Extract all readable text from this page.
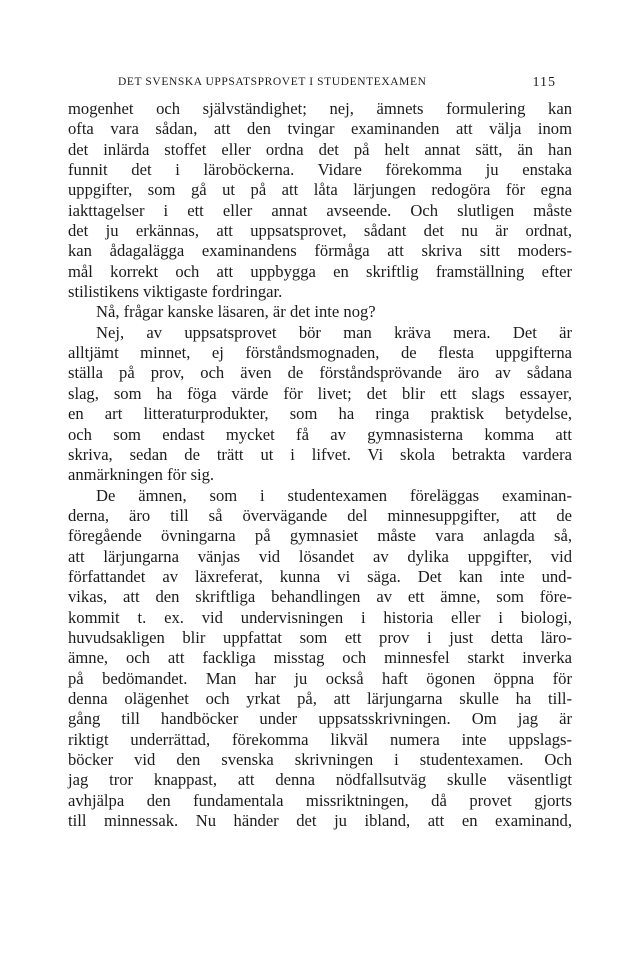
DET SVENSKA UPPSATSPROVET I STUDENTEXAMEN	115
mogenhet och självständighet; nej, ämnets formulering kan
ofta vara sådan, att den tvingar examinanden att välja inom
det inlärda stoffet eller ordna det på helt annat sätt, än han
funnit det i läroböckerna. Vidare förekomma ju enstaka
uppgifter, som gå ut på att låta lärjungen redogöra för egna
iakttagelser i ett eller annat avseende. Och slutligen måste
det ju erkännas, att uppsatsprovet, sådant det nu är ordnat,
kan ådagalägga examinandens förmåga att skriva sitt moders-
mål korrekt och att uppbygga en skriftlig framställning efter
stilistikens viktigaste fordringar.
Nå, frågar kanske läsaren, är det inte nog?
Nej, av uppsatsprovet bör man kräva mera. Det är
alltjämt minnet, ej förståndsmognaden, de flesta uppgifterna
ställa på prov, och även de förståndsprövande äro av sådana
slag, som ha föga värde för livet; det blir ett slags essayer,
en art litteraturprodukter, som ha ringa praktisk betydelse,
och som endast mycket få av gymnasisterna komma att
skriva, sedan de trätt ut i lifvet. Vi skola betrakta vardera
anmärkningen för sig.
De ämnen, som i studentexamen föreläggas examinan-
derna, äro till så övervägande del minnesuppgifter, att de
föregående övningarna på gymnasiet måste vara anlagda så,
att lärjungarna vänjas vid lösandet av dylika uppgifter, vid
författandet av läxreferat, kunna vi säga. Det kan inte und-
vikas, att den skriftliga behandlingen av ett ämne, som före-
kommit t. ex. vid undervisningen i historia eller i biologi,
huvudsakligen blir uppfattat som ett prov i just detta läro-
ämne, och att fackliga misstag och minnesfel starkt inverka
på bedömandet. Man har ju också haft ögonen öppna för
denna olägenhet och yrkat på, att lärjungarna skulle ha till-
gång till handböcker under uppsatsskrivningen. Om jag är
riktigt underrättad, förekomma likväl numera inte uppslags-
böcker vid den svenska skrivningen i studentexamen. Och
jag tror knappast, att denna nödfallsutväg skulle väsentligt
avhjälpa den fundamentala missriktningen, då provet gjorts
till minnessak. Nu händer det ju ibland, att en examinand,
